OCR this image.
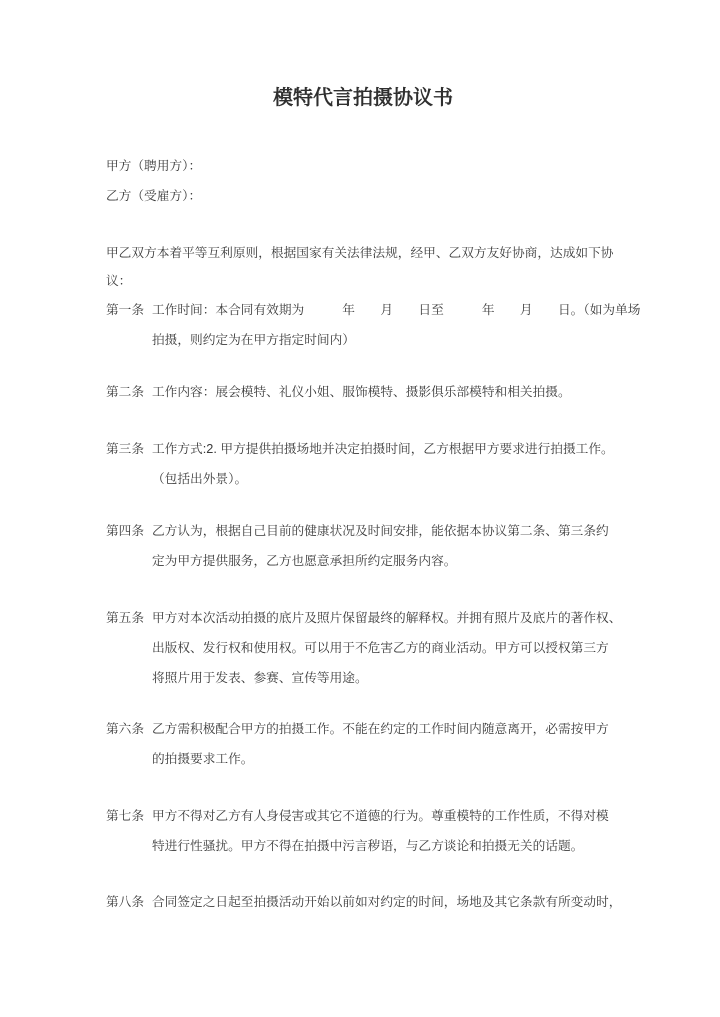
模特代言拍摄协议书

甲方（聘用方）：

乙方（受雇方）：

甲乙双方本着平等互利原则，根据国家有关法律法规，经甲、乙双方友好协商，达成如下协

议：

第一条 工作时间：本合同有效期为　　　年　　月　　日至　　　年　　月　　日。（如为单场

拍摄，则约定为在甲方指定时间内）

第二条 工作内容：展会模特、礼仪小姐、服饰模特、摄影俱乐部模特和相关拍摄。

第三条 工作方式:2. 甲方提供拍摄场地并决定拍摄时间，乙方根据甲方要求进行拍摄工作。

（包括出外景）。

第四条 乙方认为，根据自己目前的健康状况及时间安排，能依据本协议第二条、第三条约

定为甲方提供服务，乙方也愿意承担所约定服务内容。

第五条 甲方对本次活动拍摄的底片及照片保留最终的解释权。并拥有照片及底片的著作权、

出版权、发行权和使用权。可以用于不危害乙方的商业活动。甲方可以授权第三方

将照片用于发表、参赛、宣传等用途。

第六条 乙方需积极配合甲方的拍摄工作。不能在约定的工作时间内随意离开，必需按甲方

的拍摄要求工作。

第七条 甲方不得对乙方有人身侵害或其它不道德的行为。尊重模特的工作性质，不得对模

特进行性骚扰。甲方不得在拍摄中污言秽语，与乙方谈论和拍摄无关的话题。

第八条 合同签定之日起至拍摄活动开始以前如对约定的时间，场地及其它条款有所变动时，
